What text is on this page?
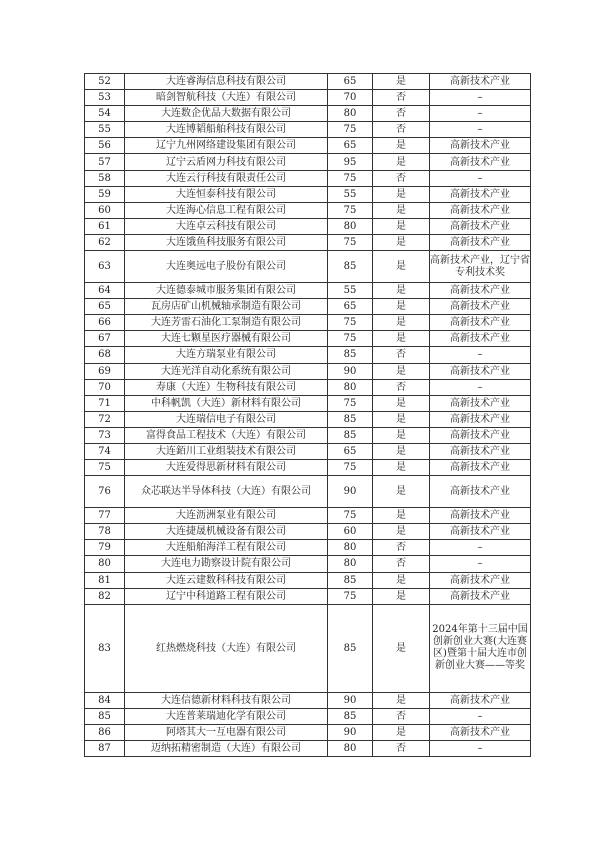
52	大连睿海信息科技有限公司	65	是	高新技术产业
53	暗剑智航科技（大连）有限公司	70	否	–
54	大连数企优品大数据有限公司	80	否	–
55	大连博韬船舶科技有限公司	75	否	–
56	辽宁九州网络建设集团有限公司	65	是	高新技术产业
57	辽宁云盾网力科技有限公司	95	是	高新技术产业
58	大连云行科技有限责任公司	75	否	–
59	大连恒泰科技有限公司	55	是	高新技术产业
60	大连海心信息工程有限公司	75	是	高新技术产业
61	大连卓云科技有限公司	80	是	高新技术产业
62	大连饿鱼科技服务有限公司	75	是	高新技术产业
63	大连奥远电子股份有限公司	85	是	高新技术产业，辽宁省专利技术奖
64	大连德泰城市服务集团有限公司	55	是	高新技术产业
65	瓦房店矿山机械轴承制造有限公司	65	是	高新技术产业
66	大连芳雷石油化工泵制造有限公司	75	是	高新技术产业
67	大连七颗星医疗器械有限公司	75	是	高新技术产业
68	大连方瑞泵业有限公司	85	否	–
69	大连光洋自动化系统有限公司	90	是	高新技术产业
70	寿康（大连）生物科技有限公司	80	否	–
71	中科帆凯（大连）新材料有限公司	75	是	高新技术产业
72	大连瑞信电子有限公司	85	是	高新技术产业
73	富得食品工程技术（大连）有限公司	85	是	高新技术产业
74	大连銆川工业组装技术有限公司	65	是	高新技术产业
75	大连爱得思新材料有限公司	75	是	高新技术产业
76	众芯联达半导体科技（大连）有限公司	90	是	高新技术产业
77	大连沥洲泵业有限公司	75	是	高新技术产业
78	大连捷晟机械设备有限公司	60	是	高新技术产业
79	大连船舶海洋工程有限公司	80	否	–
80	大连电力勘察设计院有限公司	80	否	–
81	大连云建数科科技有限公司	85	是	高新技术产业
82	辽宁中科道路工程有限公司	75	是	高新技术产业
83	红热燃烧科技（大连）有限公司	85	是	2024年第十三届中国创新创业大赛(大连赛区)暨第十届大连市创新创业大赛——等奖
84	大连信德新材料科技有限公司	90	是	高新技术产业
85	大连普莱瑞迪化学有限公司	85	否	–
86	阿塔其大一互电器有限公司	90	是	高新技术产业
87	迈纳拓精密制造（大连）有限公司	80	否	–
